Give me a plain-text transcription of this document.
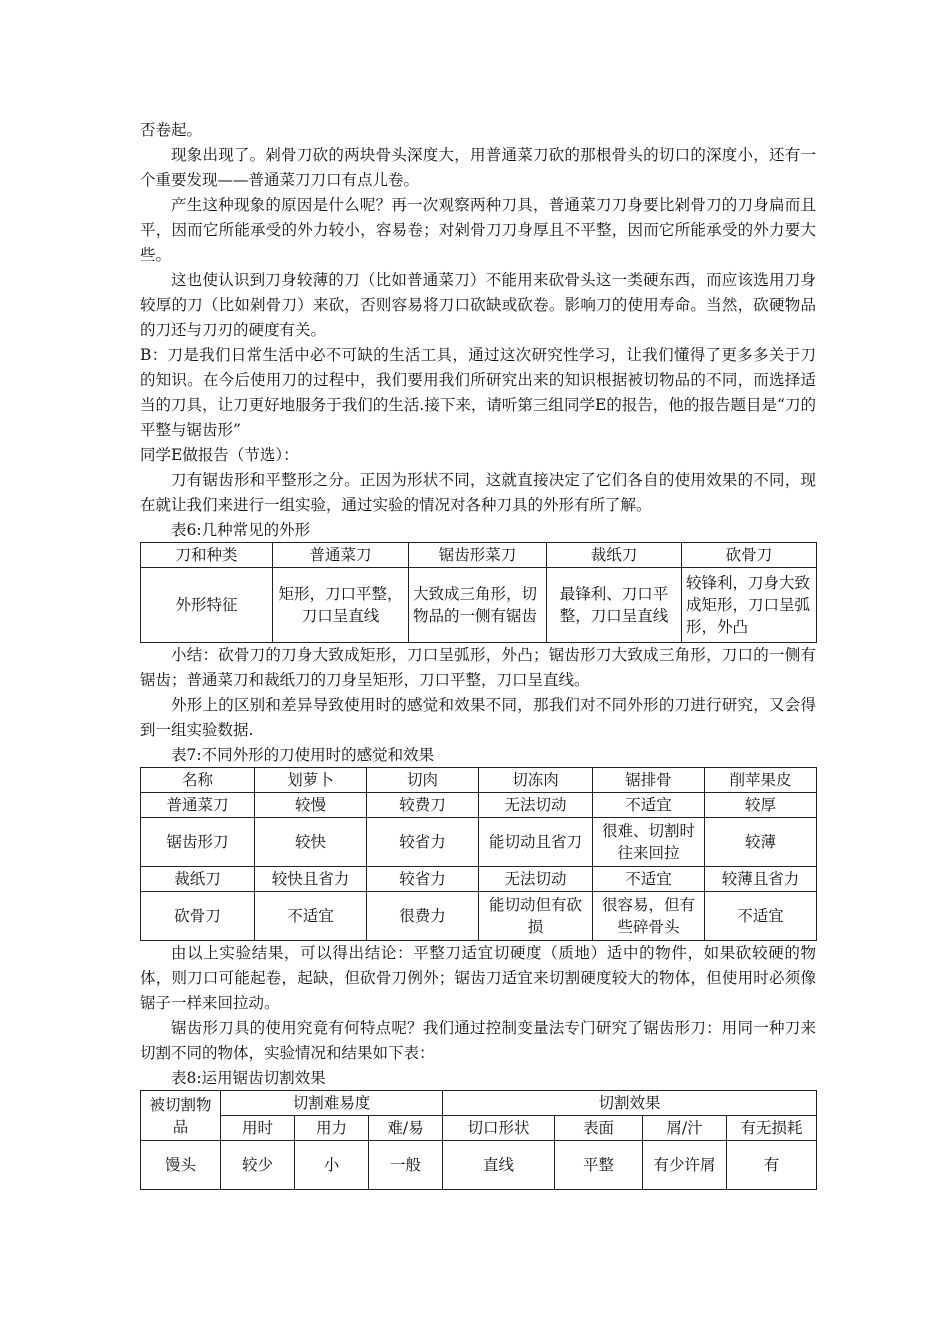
否卷起。

现象出现了。剁骨刀砍的两块骨头深度大，用普通菜刀砍的那根骨头的切口的深度小，还有一个重要发现——普通菜刀刀口有点儿卷。

产生这种现象的原因是什么呢？再一次观察两种刀具，普通菜刀刀身要比剁骨刀的刀身扁而且平，因而它所能承受的外力较小，容易卷；对剁骨刀刀身厚且不平整，因而它所能承受的外力要大些。

这也使认识到刀身较薄的刀（比如普通菜刀）不能用来砍骨头这一类硬东西，而应该选用刀身较厚的刀（比如剁骨刀）来砍，否则容易将刀口砍缺或砍卷。影响刀的使用寿命。当然，砍硬物品的刀还与刀刃的硬度有关。

B：刀是我们日常生活中必不可缺的生活工具，通过这次研究性学习，让我们懂得了更多多关于刀的知识。在今后使用刀的过程中，我们要用我们所研究出来的知识根据被切物品的不同，而选择适当的刀具，让刀更好地服务于我们的生活.接下来，请听第三组同学E的报告，他的报告题目是“刀的平整与锯齿形”

同学E做报告（节选）：

刀有锯齿形和平整形之分。正因为形状不同，这就直接决定了它们各自的使用效果的不同，现在就让我们来进行一组实验，通过实验的情况对各种刀具的外形有所了解。

表6:几种常见的外形
刀和种类	普通菜刀	锯齿形菜刀	裁纸刀	砍骨刀
外形特征	矩形，刀口平整，刀口呈直线	大致成三角形，切物品的一侧有锯齿	最锋利、刀口平整，刀口呈直线	较锋利，刀身大致成矩形，刀口呈弧形，外凸

小结：砍骨刀的刀身大致成矩形，刀口呈弧形，外凸；锯齿形刀大致成三角形，刀口的一侧有锯齿；普通菜刀和裁纸刀的刀身呈矩形，刀口平整，刀口呈直线。

外形上的区别和差异导致使用时的感觉和效果不同，那我们对不同外形的刀进行研究，又会得到一组实验数据.

表7:不同外形的刀使用时的感觉和效果
名称	划萝卜	切肉	切冻肉	锯排骨	削苹果皮
普通菜刀	较慢	较费刀	无法切动	不适宜	较厚
锯齿形刀	较快	较省力	能切动且省刀	很难、切割时往来回拉	较薄
裁纸刀	较快且省力	较省力	无法切动	不适宜	较薄且省力
砍骨刀	不适宜	很费力	能切动但有砍损	很容易，但有些碎骨头	不适宜

由以上实验结果，可以得出结论：平整刀适宜切硬度（质地）适中的物件，如果砍较硬的物体，则刀口可能起卷，起缺，但砍骨刀例外；锯齿刀适宜来切割硬度较大的物体，但使用时必须像锯子一样来回拉动。

锯齿形刀具的使用究竟有何特点呢？我们通过控制变量法专门研究了锯齿形刀：用同一种刀来切割不同的物体，实验情况和结果如下表：

表8:运用锯齿切割效果
被切割物品	切割难易度			切割效果			
	用时	用力	难/易	切口形状	表面	屑/汁	有无损耗
馒头	较少	小	一般	直线	平整	有少许屑	有
